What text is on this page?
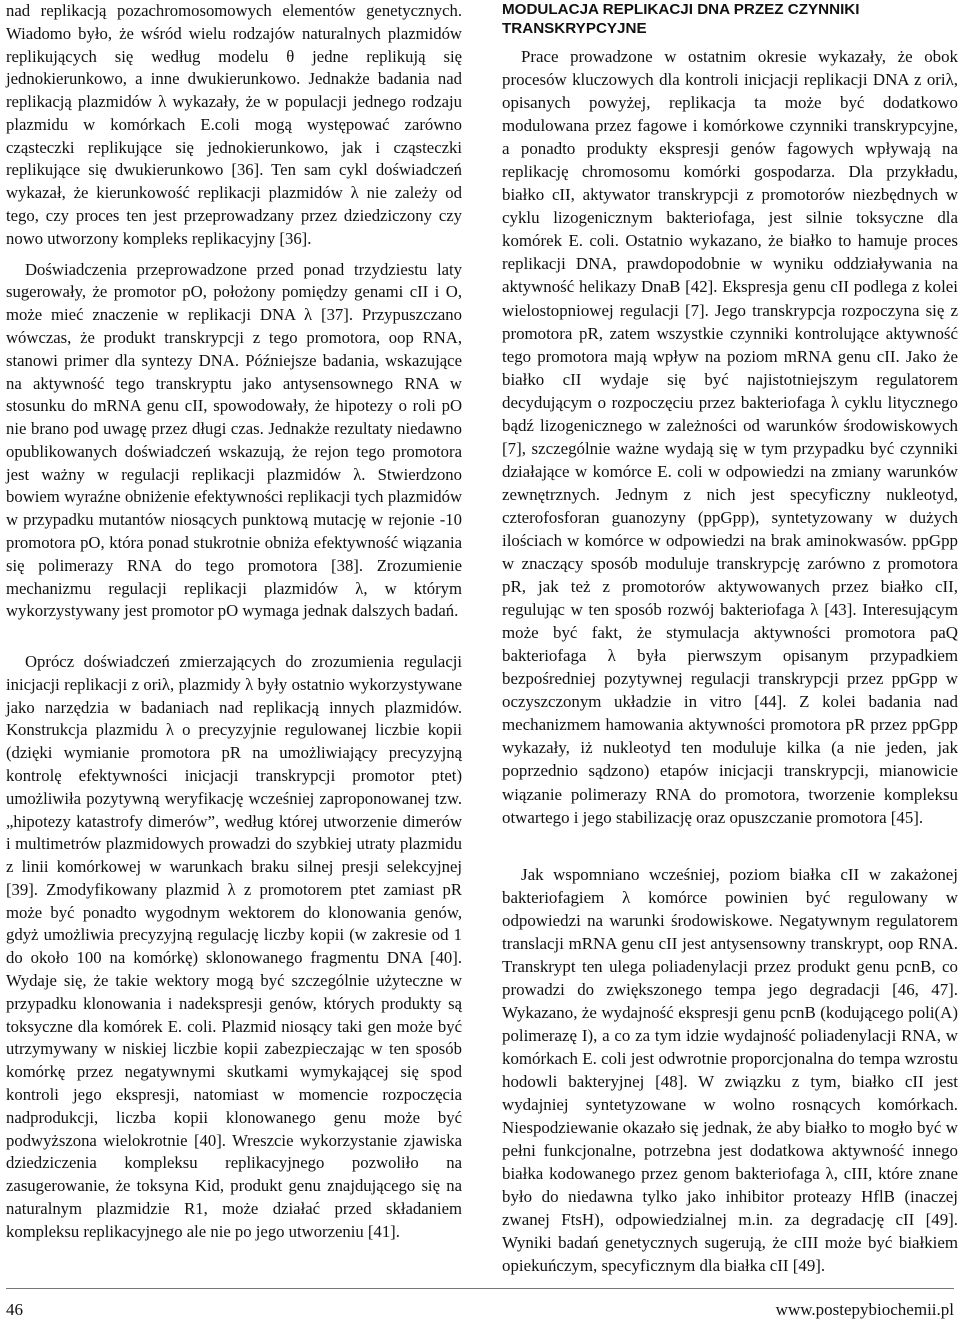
nad replikacją pozachromosomowych elementów genetycznych. Wiadomo było, że wśród wielu rodzajów naturalnych plazmidów replikujących się według modelu θ jedne replikują się jednokierunkowo, a inne dwukierunkowo. Jednakże badania nad replikacją plazmidów λ wykazały, że w populacji jednego rodzaju plazmidu w komórkach E.coli mogą występować zarówno cząsteczki replikujące się jednokierunkowo, jak i cząsteczki replikujące się dwukierunkowo [36]. Ten sam cykl doświadczeń wykazał, że kierunkowość replikacji plazmidów λ nie zależy od tego, czy proces ten jest przeprowadzany przez dziedziczony czy nowo utworzony kompleks replikacyjny [36].

Doświadczenia przeprowadzone przed ponad trzydziestu laty sugerowały, że promotor pO, położony pomiędzy genami cII i O, może mieć znaczenie w replikacji DNA λ [37]. Przypuszczano wówczas, że produkt transkrypcji z tego promotora, oop RNA, stanowi primer dla syntezy DNA. Późniejsze badania, wskazujące na aktywność tego transkryptu jako antysensownego RNA w stosunku do mRNA genu cII, spowodowały, że hipotezy o roli pO nie brano pod uwagę przez długi czas. Jednakże rezultaty niedawno opublikowanych doświadczeń wskazują, że rejon tego promotora jest ważny w regulacji replikacji plazmidów λ. Stwierdzono bowiem wyraźne obniżenie efektywności replikacji tych plazmidów w przypadku mutantów niosących punktową mutację w rejonie -10 promotora pO, która ponad stukrotnie obniża efektywność wiązania się polimerazy RNA do tego promotora [38]. Zrozumienie mechanizmu regulacji replikacji plazmidów λ, w którym wykorzystywany jest promotor pO wymaga jednak dalszych badań.

Oprócz doświadczeń zmierzających do zrozumienia regulacji inicjacji replikacji z oriλ, plazmidy λ były ostatnio wykorzystywane jako narzędzia w badaniach nad replikacją innych plazmidów. Konstrukcja plazmidu λ o precyzyjnie regulowanej liczbie kopii (dzięki wymianie promotora pR na umożliwiający precyzyjną kontrolę efektywności inicjacji transkrypcji promotor ptet) umożliwiła pozytywną weryfikację wcześniej zaproponowanej tzw. „hipotezy katastrofy dimerów”, według której utworzenie dimerów i multimetrów plazmidowych prowadzi do szybkiej utraty plazmidu z linii komórkowej w warunkach braku silnej presji selekcyjnej [39]. Zmodyfikowany plazmid λ z promotorem ptet zamiast pR może być ponadto wygodnym wektorem do klonowania genów, gdyż umożliwia precyzyjną regulację liczby kopii (w zakresie od 1 do około 100 na komórkę) sklonowanego fragmentu DNA [40]. Wydaje się, że takie wektory mogą być szczególnie użyteczne w przypadku klonowania i nadekspresji genów, których produkty są toksyczne dla komórek E. coli. Plazmid niosący taki gen może być utrzymywany w niskiej liczbie kopii zabezpieczając w ten sposób komórkę przez negatywnymi skutkami wymykającej się spod kontroli jego ekspresji, natomiast w momencie rozpoczęcia nadprodukcji, liczba kopii klonowanego genu może być podwyższona wielokrotnie [40]. Wreszcie wykorzystanie zjawiska dziedziczenia kompleksu replikacyjnego pozwoliło na zasugerowanie, że toksyna Kid, produkt genu znajdującego się na naturalnym plazmidzie R1, może działać przed składaniem kompleksu replikacyjnego ale nie po jego utworzeniu [41].

MODULACJA REPLIKACJI DNA PRZEZ CZYNNIKI TRANSKRYPCYJNE

Prace prowadzone w ostatnim okresie wykazały, że obok procesów kluczowych dla kontroli inicjacji replikacji DNA z oriλ, opisanych powyżej, replikacja ta może być dodatkowo modulowana przez fagowe i komórkowe czynniki transkrypcyjne, a ponadto produkty ekspresji genów fagowych wpływają na replikację chromosomu komórki gospodarza. Dla przykładu, białko cII, aktywator transkrypcji z promotorów niezbędnych w cyklu lizogenicznym bakteriofaga, jest silnie toksyczne dla komórek E. coli. Ostatnio wykazano, że białko to hamuje proces replikacji DNA, prawdopodobnie w wyniku oddziaływania na aktywność helikazy DnaB [42]. Ekspresja genu cII podlega z kolei wielostopniowej regulacji [7]. Jego transkrypcja rozpoczyna się z promotora pR, zatem wszystkie czynniki kontrolujące aktywność tego promotora mają wpływ na poziom mRNA genu cII. Jako że białko cII wydaje się być najistotniejszym regulatorem decydującym o rozpoczęciu przez bakteriofaga λ cyklu litycznego bądź lizogenicznego w zależności od warunków środowiskowych [7], szczególnie ważne wydają się w tym przypadku być czynniki działające w komórce E. coli w odpowiedzi na zmiany warunków zewnętrznych. Jednym z nich jest specyficzny nukleotyd, czterofosforan guanozyny (ppGpp), syntetyzowany w dużych ilościach w komórce w odpowiedzi na brak aminokwasów. ppGpp w znaczący sposób moduluje transkrypcję zarówno z promotora pR, jak też z promotorów aktywowanych przez białko cII, regulując w ten sposób rozwój bakteriofaga λ [43]. Interesującym może być fakt, że stymulacja aktywności promotora paQ bakteriofaga λ była pierwszym opisanym przypadkiem bezpośredniej pozytywnej regulacji transkrypcji przez ppGpp w oczyszczonym układzie in vitro [44]. Z kolei badania nad mechanizmem hamowania aktywności promotora pR przez ppGpp wykazały, iż nukleotyd ten moduluje kilka (a nie jeden, jak poprzednio sądzono) etapów inicjacji transkrypcji, mianowicie wiązanie polimerazy RNA do promotora, tworzenie kompleksu otwartego i jego stabilizację oraz opuszczanie promotora [45].

Jak wspomniano wcześniej, poziom białka cII w zakażonej bakteriofagiem λ komórce powinien być regulowany w odpowiedzi na warunki środowiskowe. Negatywnym regulatorem translacji mRNA genu cII jest antysensowny transkrypt, oop RNA. Transkrypt ten ulega poliadenylacji przez produkt genu pcnB, co prowadzi do zwiększonego tempa jego degradacji [46, 47]. Wykazano, że wydajność ekspresji genu pcnB (kodującego poli(A) polimerazę I), a co za tym idzie wydajność poliadenylacji RNA, w komórkach E. coli jest odwrotnie proporcjonalna do tempa wzrostu hodowli bakteryjnej [48]. W związku z tym, białko cII jest wydajniej syntetyzowane w wolno rosnących komórkach. Niespodziewanie okazało się jednak, że aby białko to mogło być w pełni funkcjonalne, potrzebna jest dodatkowa aktywność innego białka kodowanego przez genom bakteriofaga λ, cIII, które znane było do niedawna tylko jako inhibitor proteazy HflB (inaczej zwanej FtsH), odpowiedzialnej m.in. za degradację cII [49]. Wyniki badań genetycznych sugerują, że cIII może być białkiem opiekuńczym, specyficznym dla białka cII [49].

46	www.postepybiochemii.pl
